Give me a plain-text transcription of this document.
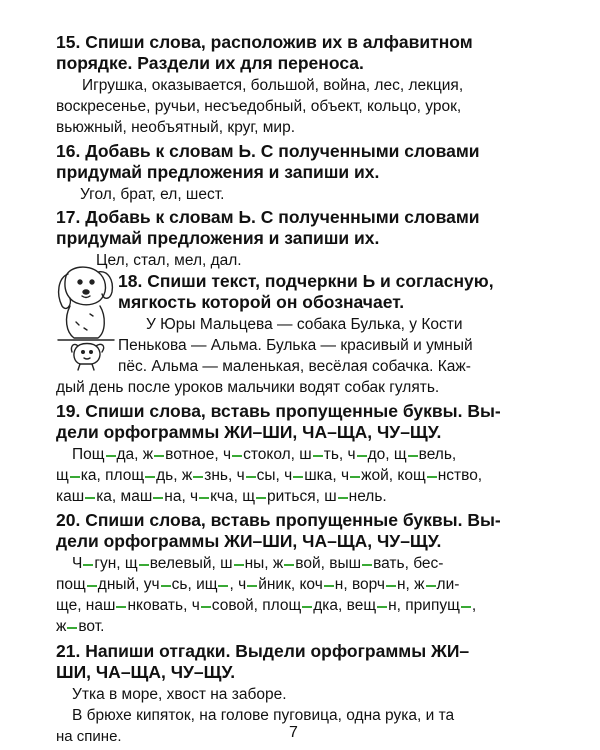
15. Спиши слова, расположив их в алфавитном
порядке. Раздели их для переноса.
Игрушка, оказывается, большой, война, лес, лекция,
воскресенье, ручьи, несъедобный, объект, кольцо, урок,
вьюжный, необъятный, круг, мир.
16. Добавь к словам Ь. С полученными словами
придумай предложения и запиши их.
Угол, брат, ел, шест.
17. Добавь к словам Ь. С полученными словами
придумай предложения и запиши их.
Цел, стал, мел, дал.
18. Спиши текст, подчеркни Ь и согласную,
мягкость которой он обозначает.
У Юры Мальцева — собака Булька, у Кости
Пенькова — Альма. Булька — красивый и умный
пёс. Альма — маленькая, весёлая собачка. Каж-
дый день после уроков мальчики водят собак гулять.
19. Спиши слова, вставь пропущенные буквы. Вы-
дели орфограммы ЖИ–ШИ, ЧА–ЩА, ЧУ–ЩУ.
Пощ да, ж вотное, ч стокол, ш ть, ч до, щ вель,
щ ка, площ дь, ж знь, ч сы, ч шка, ч жой, кощ нство,
каш ка, маш на, ч кча, щ риться, ш нель.
20. Спиши слова, вставь пропущенные буквы. Вы-
дели орфограммы ЖИ–ШИ, ЧА–ЩА, ЧУ–ЩУ.
Ч гун, щ велевый, ш ны, ж вой, выш вать, бес-
пощ дный, уч сь, ищ , ч йник, коч н, ворч н, ж ли-
ще, наш нковать, ч совой, площ дка, вещ н, припущ ,
ж вот.
21. Напиши отгадки. Выдели орфограммы ЖИ–
ШИ, ЧА–ЩА, ЧУ–ЩУ.
Утка в море, хвост на заборе.
В брюхе кипяток, на голове пуговица, одна рука, и та
на спине.	7
